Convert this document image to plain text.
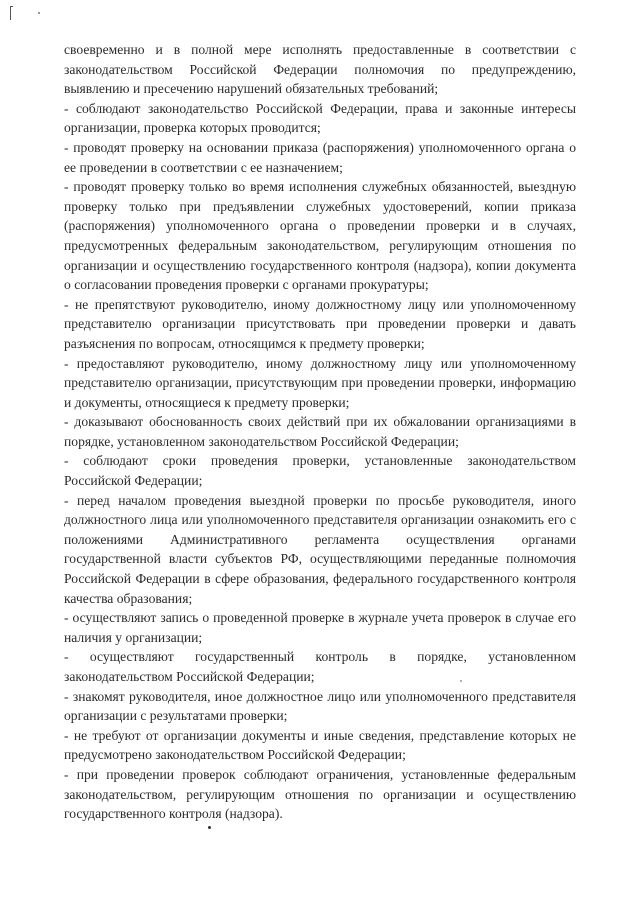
своевременно и в полной мере исполнять предоставленные в соответствии с законодательством Российской Федерации полномочия по предупреждению, выявлению и пресечению нарушений обязательных требований;

- соблюдают законодательство Российской Федерации, права и законные интересы организации, проверка которых проводится;

- проводят проверку на основании приказа (распоряжения) уполномоченного органа о ее проведении в соответствии с ее назначением;

- проводят проверку только во время исполнения служебных обязанностей, выездную проверку только при предъявлении служебных удостоверений, копии приказа (распоряжения) уполномоченного органа о проведении проверки и в случаях, предусмотренных федеральным законодательством, регулирующим отношения по организации и осуществлению государственного контроля (надзора), копии документа о согласовании проведения проверки с органами прокуратуры;

- не препятствуют руководителю, иному должностному лицу или уполномоченному представителю организации присутствовать при проведении проверки и давать разъяснения по вопросам, относящимся к предмету проверки;

- предоставляют руководителю, иному должностному лицу или уполномоченному представителю организации, присутствующим при проведении проверки, информацию и документы, относящиеся к предмету проверки;

- доказывают обоснованность своих действий при их обжаловании организациями в порядке, установленном законодательством Российской Федерации;

- соблюдают сроки проведения проверки, установленные законодательством Российской Федерации;

- перед началом проведения выездной проверки по просьбе руководителя, иного должностного лица или уполномоченного представителя организации ознакомить его с положениями Административного регламента осуществления органами государственной власти субъектов РФ, осуществляющими переданные полномочия Российской Федерации в сфере образования, федерального государственного контроля качества образования;

- осуществляют запись о проведенной проверке в журнале учета проверок в случае его наличия у организации;

- осуществляют государственный контроль в порядке, установленном законодательством Российской Федерации;

- знакомят руководителя, иное должностное лицо или уполномоченного представителя организации с результатами проверки;

- не требуют от организации документы и иные сведения, представление которых не предусмотрено законодательством Российской Федерации;

- при проведении проверок соблюдают ограничения, установленные федеральным законодательством, регулирующим отношения по организации и осуществлению государственного контроля (надзора).
